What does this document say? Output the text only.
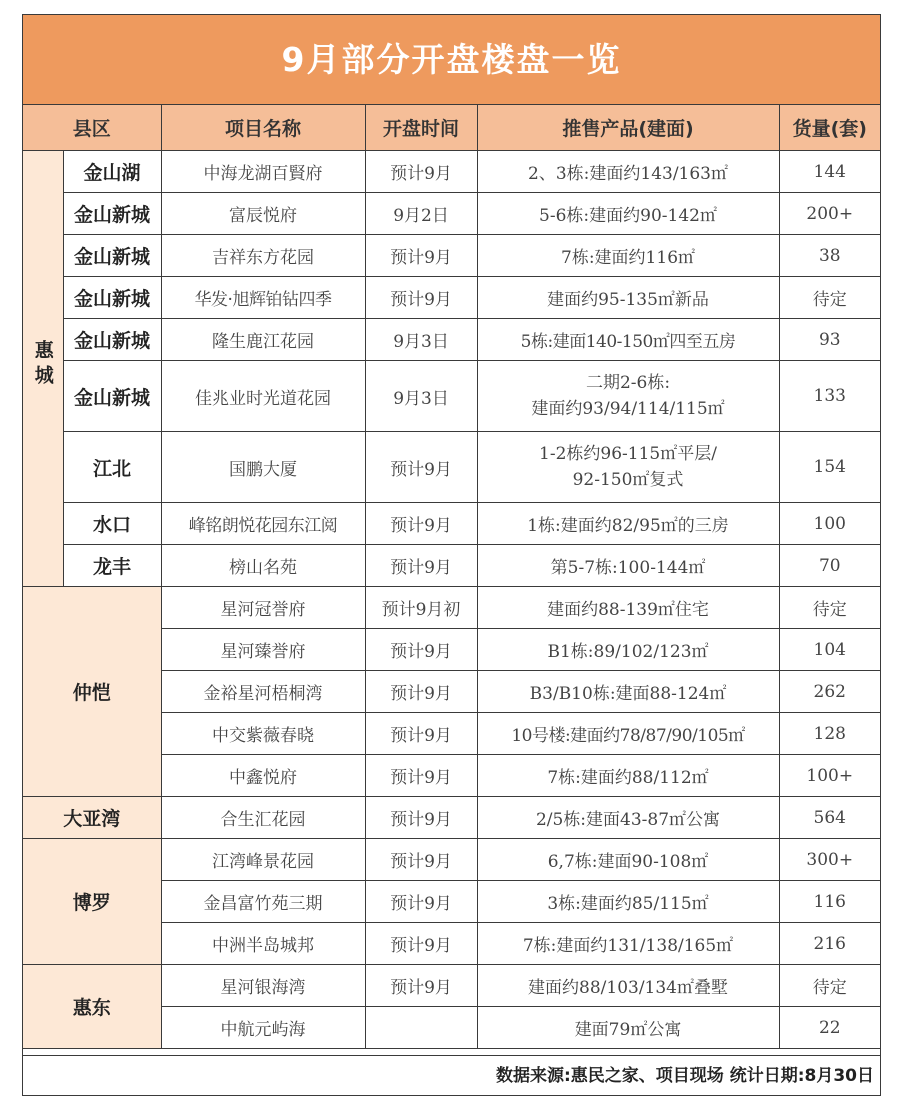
9月部分开盘楼盘一览
县区		项目名称	开盘时间	推售产品(建面)	货量(套)
惠城	金山湖	中海龙湖百賢府	预计9月	2、3栋:建面约143/163㎡	144
	金山新城	富辰悦府	9月2日	5-6栋:建面约90-142㎡	200+
	金山新城	吉祥东方花园	预计9月	7栋:建面约116㎡	38
	金山新城	华发·旭辉铂钻四季	预计9月	建面约95-135㎡新品	待定
	金山新城	隆生鹿江花园	9月3日	5栋:建面140-150㎡四至五房	93
	金山新城	佳兆业时光道花园	9月3日	二期2-6栋:
建面约93/94/114/115㎡	133
	江北	国鹏大厦	预计9月	1-2栋约96-115㎡平层/
92-150㎡复式	154
	水口	峰铭朗悦花园东江阅	预计9月	1栋:建面约82/95㎡的三房	100
	龙丰	榜山名苑	预计9月	第5-7栋:100-144㎡	70
仲恺		星河冠誉府	预计9月初	建面约88-139㎡住宅	待定
		星河臻誉府	预计9月	B1栋:89/102/123㎡	104
		金裕星河梧桐湾	预计9月	B3/B10栋:建面88-124㎡	262
		中交紫薇春晓	预计9月	10号楼:建面约78/87/90/105㎡	128
		中鑫悦府	预计9月	7栋:建面约88/112㎡	100+
大亚湾		合生汇花园	预计9月	2/5栋:建面43-87㎡公寓	564
博罗		江湾峰景花园	预计9月	6,7栋:建面90-108㎡	300+
		金昌富竹苑三期	预计9月	3栋:建面约85/115㎡	116
		中洲半岛城邦	预计9月	7栋:建面约131/138/165㎡	216
惠东		星河银海湾	预计9月	建面约88/103/134㎡叠墅	待定
		中航元屿海		建面79㎡公寓	22
数据来源:惠民之家、项目现场 统计日期:8月30日
